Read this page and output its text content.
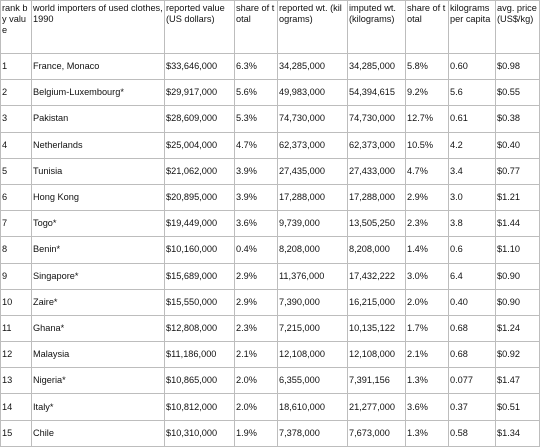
rank by value	world importers of used clothes, 1990	reported value (US dollars)	share of total	reported wt. (kilograms)	imputed wt. (kilograms)	share of total	kilograms per capita	avg. price (US$/kg)
1	France, Monaco	$33,646,000	6.3%	34,285,000	34,285,000	5.8%	0.60	$0.98
2	Belgium-Luxembourg*	$29,917,000	5.6%	49,983,000	54,394,615	9.2%	5.6	$0.55
3	Pakistan	$28,609,000	5.3%	74,730,000	74,730,000	12.7%	0.61	$0.38
4	Netherlands	$25,004,000	4.7%	62,373,000	62,373,000	10.5%	4.2	$0.40
5	Tunisia	$21,062,000	3.9%	27,435,000	27,433,000	4.7%	3.4	$0.77
6	Hong Kong	$20,895,000	3.9%	17,288,000	17,288,000	2.9%	3.0	$1.21
7	Togo*	$19,449,000	3.6%	9,739,000	13,505,250	2.3%	3.8	$1.44
8	Benin*	$10,160,000	0.4%	8,208,000	8,208,000	1.4%	0.6	$1.10
9	Singapore*	$15,689,000	2.9%	11,376,000	17,432,222	3.0%	6.4	$0.90
10	Zaire*	$15,550,000	2.9%	7,390,000	16,215,000	2.0%	0.40	$0.90
11	Ghana*	$12,808,000	2.3%	7,215,000	10,135,122	1.7%	0.68	$1.24
12	Malaysia	$11,186,000	2.1%	12,108,000	12,108,000	2.1%	0.68	$0.92
13	Nigeria*	$10,865,000	2.0%	6,355,000	7,391,156	1.3%	0.077	$1.47
14	Italy*	$10,812,000	2.0%	18,610,000	21,277,000	3.6%	0.37	$0.51
15	Chile	$10,310,000	1.9%	7,378,000	7,673,000	1.3%	0.58	$1.34
